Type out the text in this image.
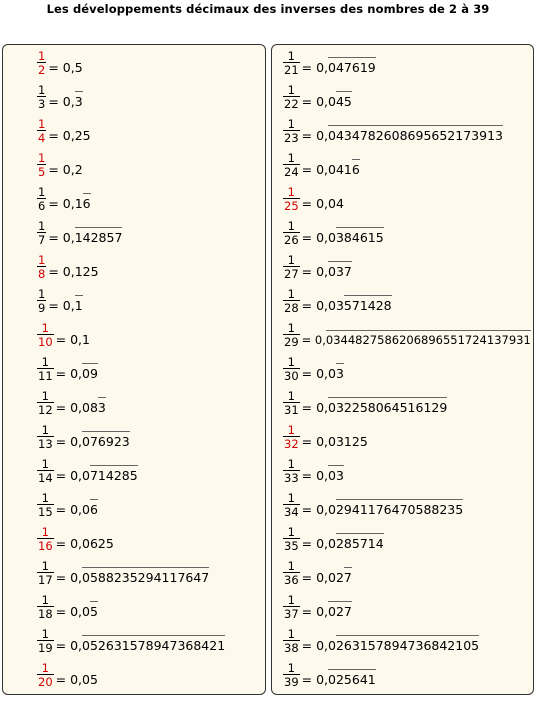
Les développements décimaux des inverses des nombres de 2 à 39
$\frac{1}{2} = 0,5$
$\frac{1}{3} = 0,3$
$\frac{1}{4} = 0,25$
$\frac{1}{5} = 0,2$
$\frac{1}{6} = 0,16$
$\frac{1}{7} = 0,142857$
$\frac{1}{8} = 0,125$
$\frac{1}{9} = 0,1$
$\frac{1}{10} = 0,1$
$\frac{1}{11} = 0,09$
$\frac{1}{12} = 0,083$
$\frac{1}{13} = 0,076923$
$\frac{1}{14} = 0,0714285$
$\frac{1}{15} = 0,06$
$\frac{1}{16} = 0,0625$
$\frac{1}{17} = 0,0588235294117647$
$\frac{1}{18} = 0,05$
$\frac{1}{19} = 0,052631578947368421$
$\frac{1}{20} = 0,05$
$\frac{1}{21} = 0,047619$
$\frac{1}{22} = 0,045$
$\frac{1}{23} = 0,0434782608695652173913$
$\frac{1}{24} = 0,0416$
$\frac{1}{25} = 0,04$
$\frac{1}{26} = 0,0384615$
$\frac{1}{27} = 0,037$
$\frac{1}{28} = 0,03571428$
$\frac{1}{29} = 0,0344827586206896551724137931$
$\frac{1}{30} = 0,03$
$\frac{1}{31} = 0,032258064516129$
$\frac{1}{32} = 0,03125$
$\frac{1}{33} = 0,03$
$\frac{1}{34} = 0,02941176470588235$
$\frac{1}{35} = 0,0285714$
$\frac{1}{36} = 0,027$
$\frac{1}{37} = 0,027$
$\frac{1}{38} = 0,0263157894736842105$
$\frac{1}{39} = 0,025641$
